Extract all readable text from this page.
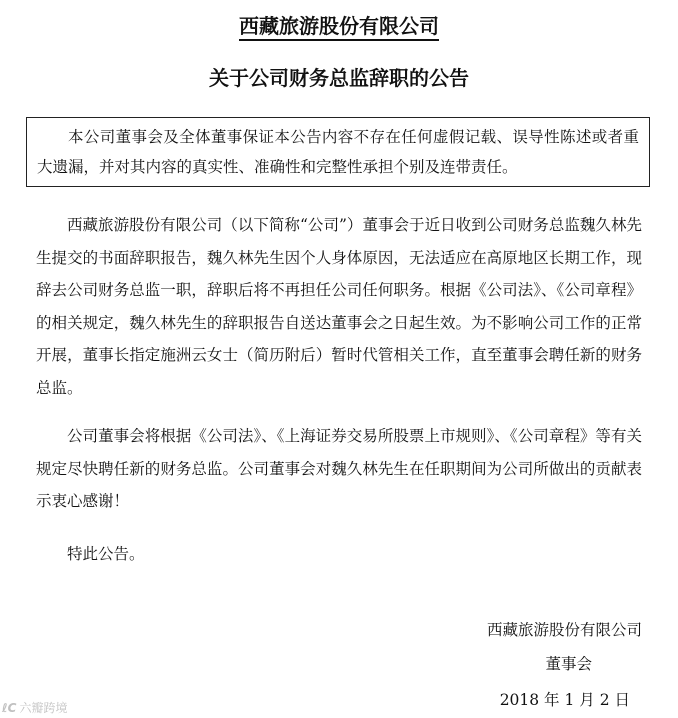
西藏旅游股份有限公司
关于公司财务总监辞职的公告

本公司董事会及全体董事保证本公告内容不存在任何虚假记载、误导性陈述或者重大遗漏，并对其内容的真实性、准确性和完整性承担个别及连带责任。

西藏旅游股份有限公司（以下简称“公司”）董事会于近日收到公司财务总监魏久林先生提交的书面辞职报告，魏久林先生因个人身体原因，无法适应在高原地区长期工作，现辞去公司财务总监一职，辞职后将不再担任公司任何职务。根据《公司法》、《公司章程》的相关规定，魏久林先生的辞职报告自送达董事会之日起生效。为不影响公司工作的正常开展，董事长指定施洲云女士（简历附后）暂时代管相关工作，直至董事会聘任新的财务总监。

公司董事会将根据《公司法》、《上海证券交易所股票上市规则》、《公司章程》等有关规定尽快聘任新的财务总监。公司董事会对魏久林先生在任职期间为公司所做出的贡献表示衷心感谢！

特此公告。

西藏旅游股份有限公司
董事会
2018 年 1 月 2 日
ℓC 六瓣跨境
